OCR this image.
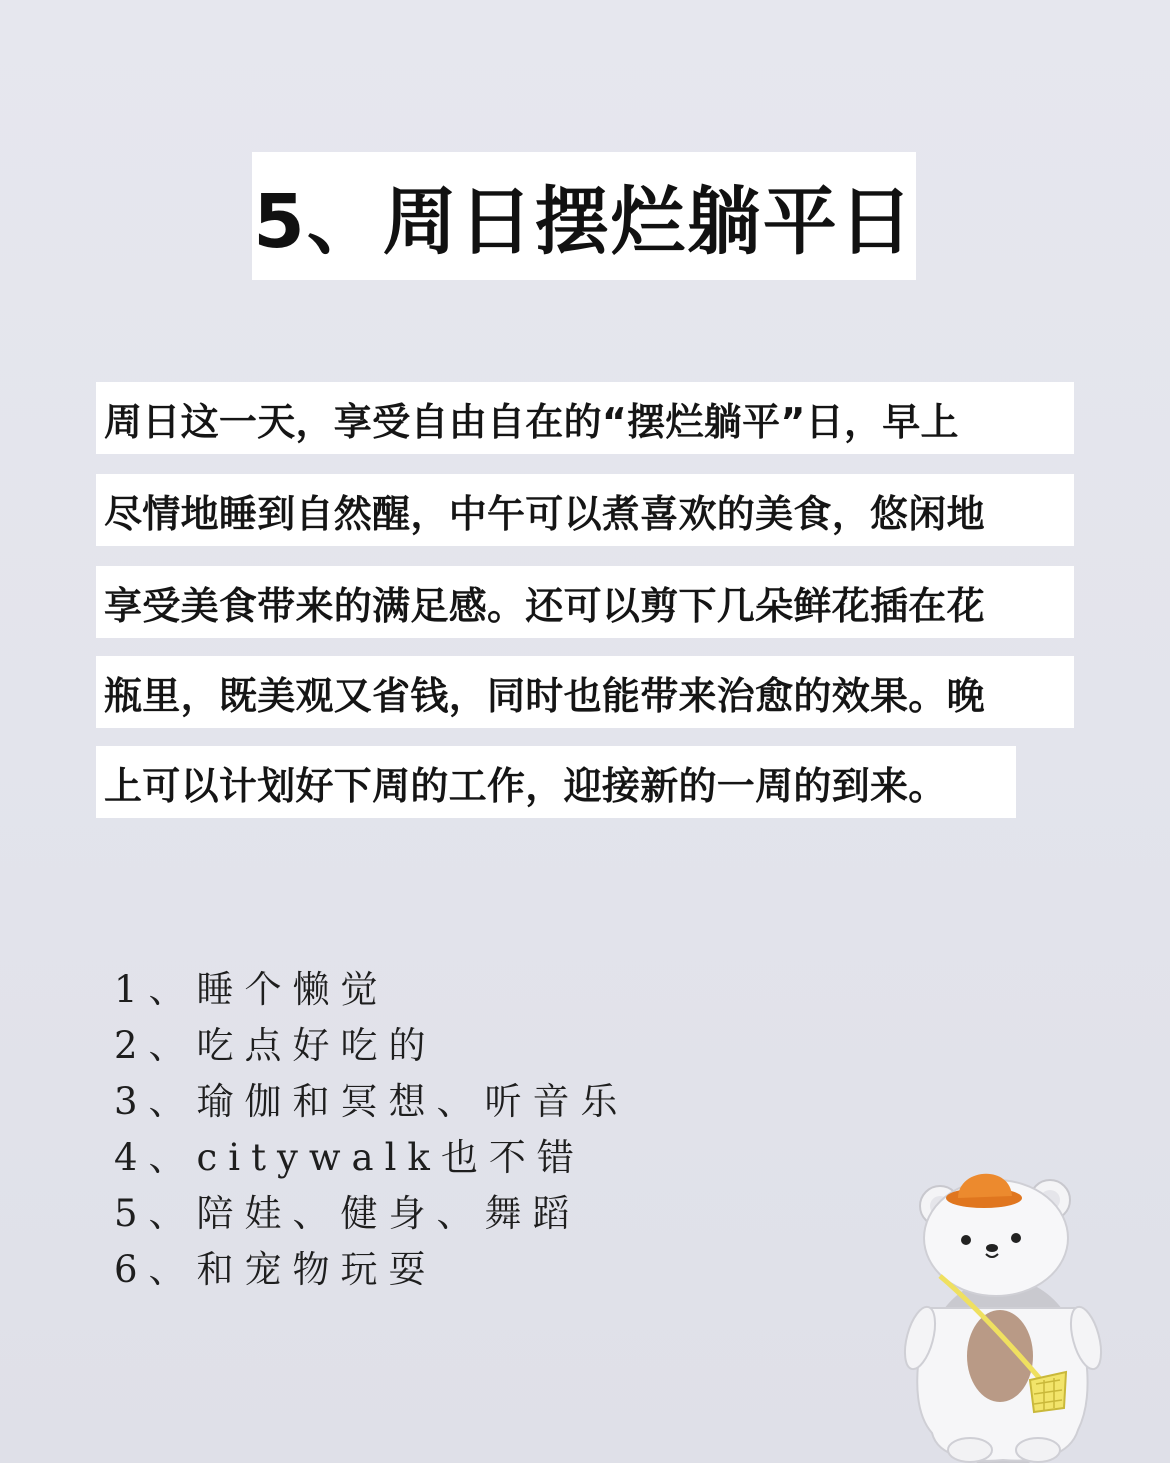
5、周日摆烂躺平日
周日这一天，享受自由自在的“摆烂躺平”日，早上
尽情地睡到自然醒，中午可以煮喜欢的美食，悠闲地
享受美食带来的满足感。还可以剪下几朵鲜花插在花
瓶里，既美观又省钱，同时也能带来治愈的效果。晚
上可以计划好下周的工作，迎接新的一周的到来。
1、睡个懒觉
2、吃点好吃的
3、瑜伽和冥想、听音乐
4、citywalk也不错
5、陪娃、健身、舞蹈
6、和宠物玩耍
